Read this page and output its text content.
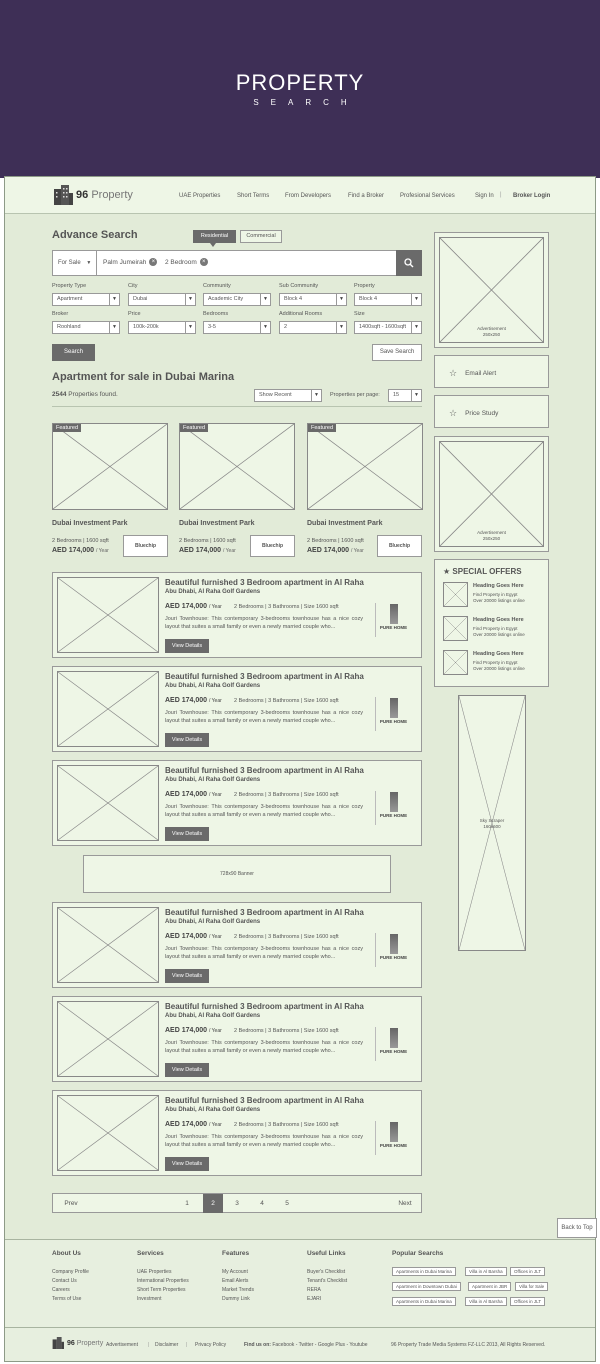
PROPERTY
SEARCH
96 Property	UAE Properties	Short Terms	From Developers	Find a Broker	Profesional Services	Sign In | Broker Login
Advance Search	Residential	Commercial
For Sale ▼	Palm Jumeirah ×	2 Bedroom ×
Property Type
Apartment	▼
City
Dubai	▼
Community
Academic City	▼
Sub Community
Block 4	▼
Property
Block 4	▼
Broker
Roohland	▼
Price
100k-200k	▼
Bedrooms
3-5	▼
Additional Rooms
2	▼
Size
1400sqft - 1600sqft	▼
Search	Save Search
Apartment for sale in Dubai Marina
2544 Properties found.	Show Recent	▼	Properties per page:	15	▼
Featured
Dubai Investment Park
2 Bedrooms | 1600 sqft
AED 174,000 / Year
Bluechip
Featured
Dubai Investment Park
2 Bedrooms | 1600 sqft
AED 174,000 / Year
Bluechip
Featured
Dubai Investment Park
2 Bedrooms | 1600 sqft
AED 174,000 / Year
Bluechip
Beautiful furnished 3 Bedroom apartment in Al Raha
Abu Dhabi, Al Raha Golf Gardens
AED 174,000 / Year 2 Bedrooms | 3 Bathrooms | Size 1600 sqft
Jouri Townhouse: This contemporary 3-bedrooms townhouse has a nice cozy layout that suites a small family or even a newly married couple who...
View Details
PURE HOME
Beautiful furnished 3 Bedroom apartment in Al Raha
Abu Dhabi, Al Raha Golf Gardens
AED 174,000 / Year 2 Bedrooms | 3 Bathrooms | Size 1600 sqft
Jouri Townhouse: This contemporary 3-bedrooms townhouse has a nice cozy layout that suites a small family or even a newly married couple who...
View Details
PURE HOME
Beautiful furnished 3 Bedroom apartment in Al Raha
Abu Dhabi, Al Raha Golf Gardens
AED 174,000 / Year 2 Bedrooms | 3 Bathrooms | Size 1600 sqft
Jouri Townhouse: This contemporary 3-bedrooms townhouse has a nice cozy layout that suites a small family or even a newly married couple who...
View Details
PURE HOME
Beautiful furnished 3 Bedroom apartment in Al Raha
Abu Dhabi, Al Raha Golf Gardens
AED 174,000 / Year 2 Bedrooms | 3 Bathrooms | Size 1600 sqft
Jouri Townhouse: This contemporary 3-bedrooms townhouse has a nice cozy layout that suites a small family or even a newly married couple who...
View Details
PURE HOME
Beautiful furnished 3 Bedroom apartment in Al Raha
Abu Dhabi, Al Raha Golf Gardens
AED 174,000 / Year 2 Bedrooms | 3 Bathrooms | Size 1600 sqft
Jouri Townhouse: This contemporary 3-bedrooms townhouse has a nice cozy layout that suites a small family or even a newly married couple who...
View Details
PURE HOME
Beautiful furnished 3 Bedroom apartment in Al Raha
Abu Dhabi, Al Raha Golf Gardens
AED 174,000 / Year 2 Bedrooms | 3 Bathrooms | Size 1600 sqft
Jouri Townhouse: This contemporary 3-bedrooms townhouse has a nice cozy layout that suites a small family or even a newly married couple who...
View Details
PURE HOME
728x90 Banner
Prev	1	2	3	4	5	Next
Advertisement
250x250
☆ Email Alert
☆ Price Study
Advertisement
250x250
★ SPECIAL OFFERS
Heading Goes Here
Find Property in Egypt
Over 20000 listings online
Heading Goes Here
Find Property in Egypt
Over 20000 listings online
Heading Goes Here
Find Property in Egypt
Over 20000 listings online
Sky Scraper
160x600
Back to Top
About Us
Company Profile
Contact Us
Careers
Terms of Use
Services
UAE Properties
International Properties
Short Term Properties
Investment
Features
My Account
Email Alerts
Market Trends
Dummy Link
Useful Links
Buyer's Checklist
Tenant's Checklist
RERA
EJARI
Popular Searchs
Apartments in Dubai Marina	Villa in Al Barsha	Offices in JLT
Apartment in Downtown Dubai	Apartment in JBR	Villa for Sale
Apartments in Dubai Marina	Villa in Al Barsha	Offices in JLT
96 Property Advertisement | Disclaimer | Privacy Policy	Find us on: Facebook - Twitter - Google Plus - Youtube	96 Property Trade Media Systems FZ-LLC 2013, All Rights Reserved.
